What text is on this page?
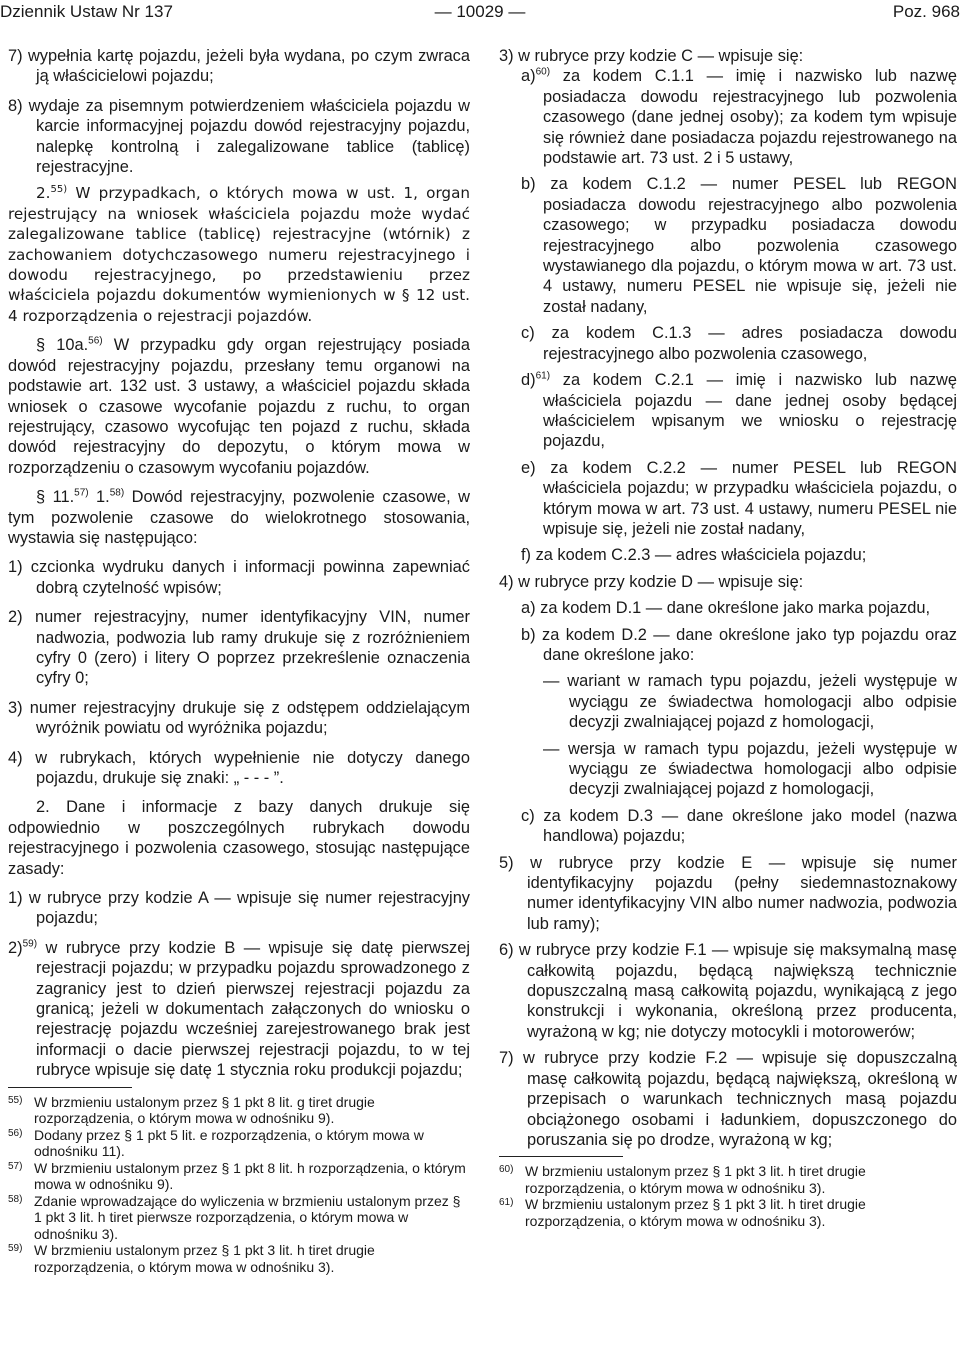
Dziennik Ustaw Nr 137	— 10029 —	Poz. 968

7) wypełnia kartę pojazdu, jeżeli była wydana, po czym zwraca ją właścicielowi pojazdu;

8) wydaje za pisemnym potwierdzeniem właściciela pojazdu w karcie informacyjnej pojazdu dowód rejestracyjny pojazdu, nalepkę kontrolną i zalegalizowane tablice (tablicę) rejestracyjne.

2.$^{55)}$ W przypadkach, o których mowa w ust. 1, organ rejestrujący na wniosek właściciela pojazdu może wydać zalegalizowane tablice (tablicę) rejestracyjne (wtórnik) z zachowaniem dotychczasowego numeru rejestracyjnego i dowodu rejestracyjnego, po przedstawieniu przez właściciela pojazdu dokumentów wymienionych w § 12 ust. 4 rozporządzenia o rejestracji pojazdów.

§ 10a.$^{56)}$ W przypadku gdy organ rejestrujący posiada dowód rejestracyjny pojazdu, przesłany temu organowi na podstawie art. 132 ust. 3 ustawy, a właściciel pojazdu składa wniosek o czasowe wycofanie pojazdu z ruchu, to organ rejestrujący, czasowo wycofując ten pojazd z ruchu, składa dowód rejestracyjny do depozytu, o którym mowa w rozporządzeniu o czasowym wycofaniu pojazdów.

§ 11.$^{57)}$ 1.$^{58)}$ Dowód rejestracyjny, pozwolenie czasowe, w tym pozwolenie czasowe do wielokrotnego stosowania, wystawia się następująco:

1) czcionka wydruku danych i informacji powinna zapewniać dobrą czytelność wpisów;

2) numer rejestracyjny, numer identyfikacyjny VIN, numer nadwozia, podwozia lub ramy drukuje się z rozróżnieniem cyfry 0 (zero) i litery O poprzez przekreślenie oznaczenia cyfry 0;

3) numer rejestracyjny drukuje się z odstępem oddzielającym wyróżnik powiatu od wyróżnika pojazdu;

4) w rubrykach, których wypełnienie nie dotyczy danego pojazdu, drukuje się znaki: „ - - - ”.

2. Dane i informacje z bazy danych drukuje się odpowiednio w poszczególnych rubrykach dowodu rejestracyjnego i pozwolenia czasowego, stosując następujące zasady:

1) w rubryce przy kodzie A — wpisuje się numer rejestracyjny pojazdu;

2)$^{59)}$ w rubryce przy kodzie B — wpisuje się datę pierwszej rejestracji pojazdu; w przypadku pojazdu sprowadzonego z zagranicy jest to dzień pierwszej rejestracji pojazdu za granicą; jeżeli w dokumentach załączonych do wniosku o rejestrację pojazdu wcześniej zarejestrowanego brak jest informacji o dacie pierwszej rejestracji pojazdu, to w tej rubryce wpisuje się datę 1 stycznia roku produkcji pojazdu;

55) W brzmieniu ustalonym przez § 1 pkt 8 lit. g tiret drugie rozporządzenia, o którym mowa w odnośniku 9).

56) Dodany przez § 1 pkt 5 lit. e rozporządzenia, o którym mowa w odnośniku 11).

57) W brzmieniu ustalonym przez § 1 pkt 8 lit. h rozporządzenia, o którym mowa w odnośniku 9).

58) Zdanie wprowadzające do wyliczenia w brzmieniu ustalonym przez § 1 pkt 3 lit. h tiret pierwsze rozporządzenia, o którym mowa w odnośniku 3).

59) W brzmieniu ustalonym przez § 1 pkt 3 lit. h tiret drugie rozporządzenia, o którym mowa w odnośniku 3).

3) w rubryce przy kodzie C — wpisuje się:

a)$^{60)}$ za kodem C.1.1 — imię i nazwisko lub nazwę posiadacza dowodu rejestracyjnego lub pozwolenia czasowego (dane jednej osoby); za kodem tym wpisuje się również dane posiadacza pojazdu rejestrowanego na podstawie art. 73 ust. 2 i 5 ustawy,

b) za kodem C.1.2 — numer PESEL lub REGON posiadacza dowodu rejestracyjnego albo pozwolenia czasowego; w przypadku posiadacza dowodu rejestracyjnego albo pozwolenia czasowego wystawianego dla pojazdu, o którym mowa w art. 73 ust. 4 ustawy, numeru PESEL nie wpisuje się, jeżeli nie został nadany,

c) za kodem C.1.3 — adres posiadacza dowodu rejestracyjnego albo pozwolenia czasowego,

d)$^{61)}$ za kodem C.2.1 — imię i nazwisko lub nazwę właściciela pojazdu — dane jednej osoby będącej właścicielem wpisanym we wniosku o rejestrację pojazdu,

e) za kodem C.2.2 — numer PESEL lub REGON właściciela pojazdu; w przypadku właściciela pojazdu, o którym mowa w art. 73 ust. 4 ustawy, numeru PESEL nie wpisuje się, jeżeli nie został nadany,

f) za kodem C.2.3 — adres właściciela pojazdu;

4) w rubryce przy kodzie D — wpisuje się:

a) za kodem D.1 — dane określone jako marka pojazdu,

b) za kodem D.2 — dane określone jako typ pojazdu oraz dane określone jako:

— wariant w ramach typu pojazdu, jeżeli występuje w wyciągu ze świadectwa homologacji albo odpisie decyzji zwalniającej pojazd z homologacji,

— wersja w ramach typu pojazdu, jeżeli występuje w wyciągu ze świadectwa homologacji albo odpisie decyzji zwalniającej pojazd z homologacji,

c) za kodem D.3 — dane określone jako model (nazwa handlowa) pojazdu;

5) w rubryce przy kodzie E — wpisuje się numer identyfikacyjny pojazdu (pełny siedemnastoznakowy numer identyfikacyjny VIN albo numer nadwozia, podwozia lub ramy);

6) w rubryce przy kodzie F.1 — wpisuje się maksymalną masę całkowitą pojazdu, będącą największą technicznie dopuszczalną masą całkowitą pojazdu, wynikającą z jego konstrukcji i wykonania, określoną przez producenta, wyrażoną w kg; nie dotyczy motocykli i motorowerów;

7) w rubryce przy kodzie F.2 — wpisuje się dopuszczalną masę całkowitą pojazdu, będącą największą, określoną w przepisach o warunkach technicznych masą pojazdu obciążonego osobami i ładunkiem, dopuszczonego do poruszania się po drodze, wyrażoną w kg;

60) W brzmieniu ustalonym przez § 1 pkt 3 lit. h tiret drugie rozporządzenia, o którym mowa w odnośniku 3).

61) W brzmieniu ustalonym przez § 1 pkt 3 lit. h tiret drugie rozporządzenia, o którym mowa w odnośniku 3).
